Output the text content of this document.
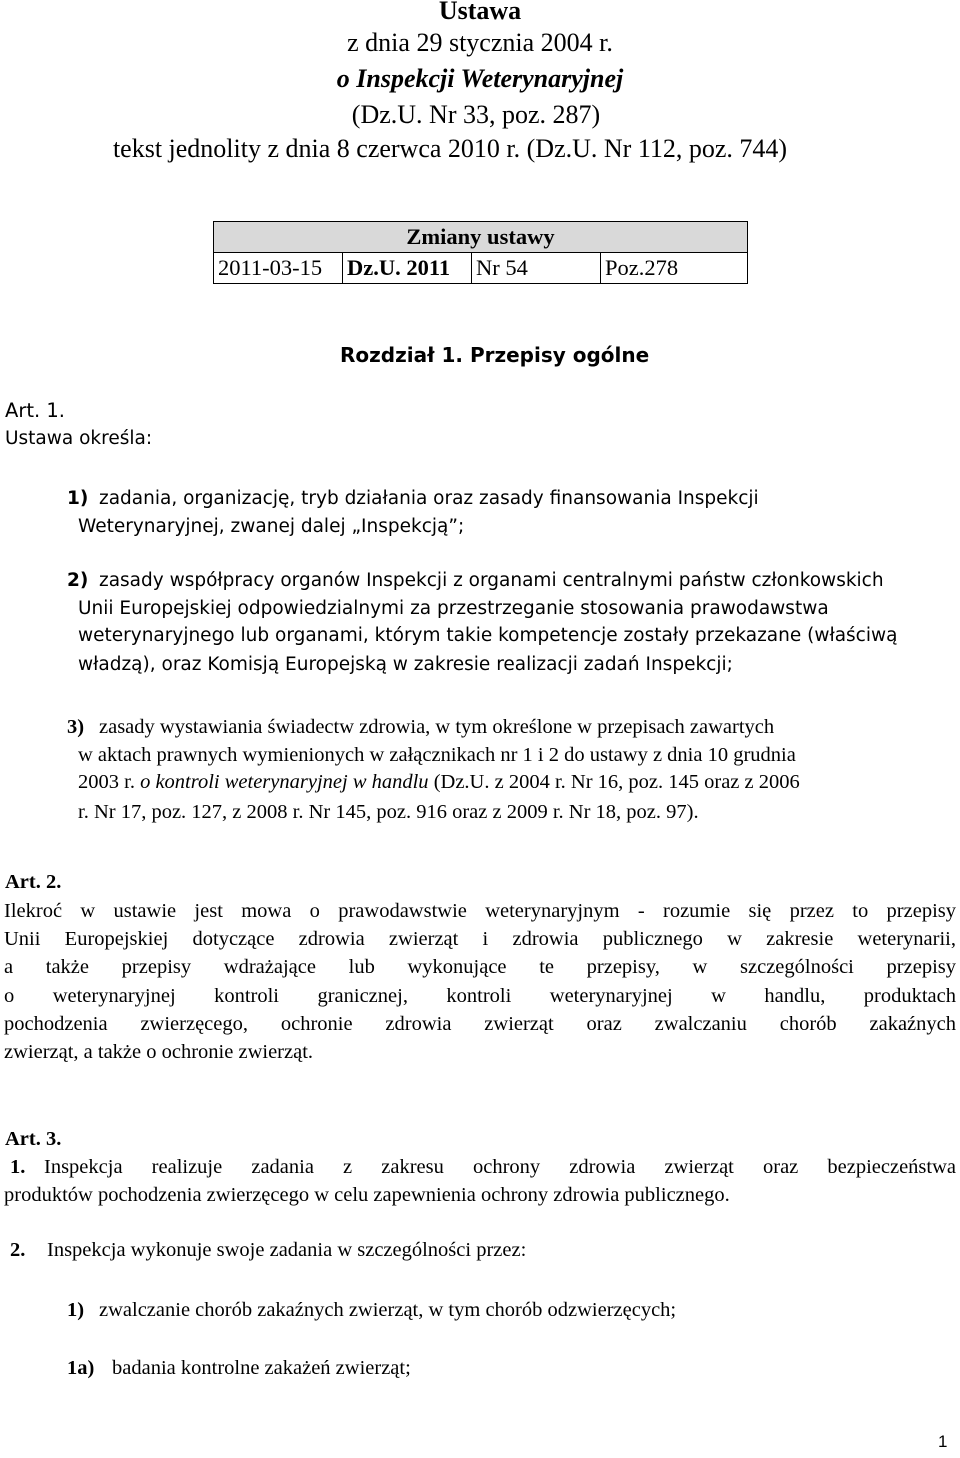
Ustawa
z dnia 29 stycznia 2004 r.
o Inspekcji Weterynaryjnej
(Dz.U. Nr 33, poz. 287)
tekst jednolity z dnia 8 czerwca 2010 r. (Dz.U. Nr 112, poz. 744)
Zmiany ustawy
2011-03-15	Dz.U. 2011	Nr 54	Poz.278
Rozdział 1. Przepisy ogólne
Art. 1.
Ustawa określa:
1) zadania, organizację, tryb działania oraz zasady finansowania Inspekcji
Weterynaryjnej, zwanej dalej „Inspekcją”;
2) zasady współpracy organów Inspekcji z organami centralnymi państw członkowskich
Unii Europejskiej odpowiedzialnymi za przestrzeganie stosowania prawodawstwa
weterynaryjnego lub organami, którym takie kompetencje zostały przekazane (właściwą
władzą), oraz Komisją Europejską w zakresie realizacji zadań Inspekcji;
3) zasady wystawiania świadectw zdrowia, w tym określone w przepisach zawartych
w aktach prawnych wymienionych w załącznikach nr 1 i 2 do ustawy z dnia 10 grudnia
2003 r. o kontroli weterynaryjnej w handlu (Dz.U. z 2004 r. Nr 16, poz. 145 oraz z 2006
r. Nr 17, poz. 127, z 2008 r. Nr 145, poz. 916 oraz z 2009 r. Nr 18, poz. 97).
Art. 2.
Ilekroć w ustawie jest mowa o prawodawstwie weterynaryjnym - rozumie się przez to przepisy
Unii Europejskiej dotyczące zdrowia zwierząt i zdrowia publicznego w zakresie weterynarii,
a także przepisy wdrażające lub wykonujące te przepisy, w szczególności przepisy
o weterynaryjnej kontroli granicznej, kontroli weterynaryjnej w handlu, produktach
pochodzenia zwierzęcego, ochronie zdrowia zwierząt oraz zwalczaniu chorób zakaźnych
zwierząt, a także o ochronie zwierząt.
Art. 3.
1. Inspekcja realizuje zadania z zakresu ochrony zdrowia zwierząt oraz bezpieczeństwa
produktów pochodzenia zwierzęcego w celu zapewnienia ochrony zdrowia publicznego.
2. Inspekcja wykonuje swoje zadania w szczególności przez:
1) zwalczanie chorób zakaźnych zwierząt, w tym chorób odzwierzęcych;
1a) badania kontrolne zakażeń zwierząt;
1
